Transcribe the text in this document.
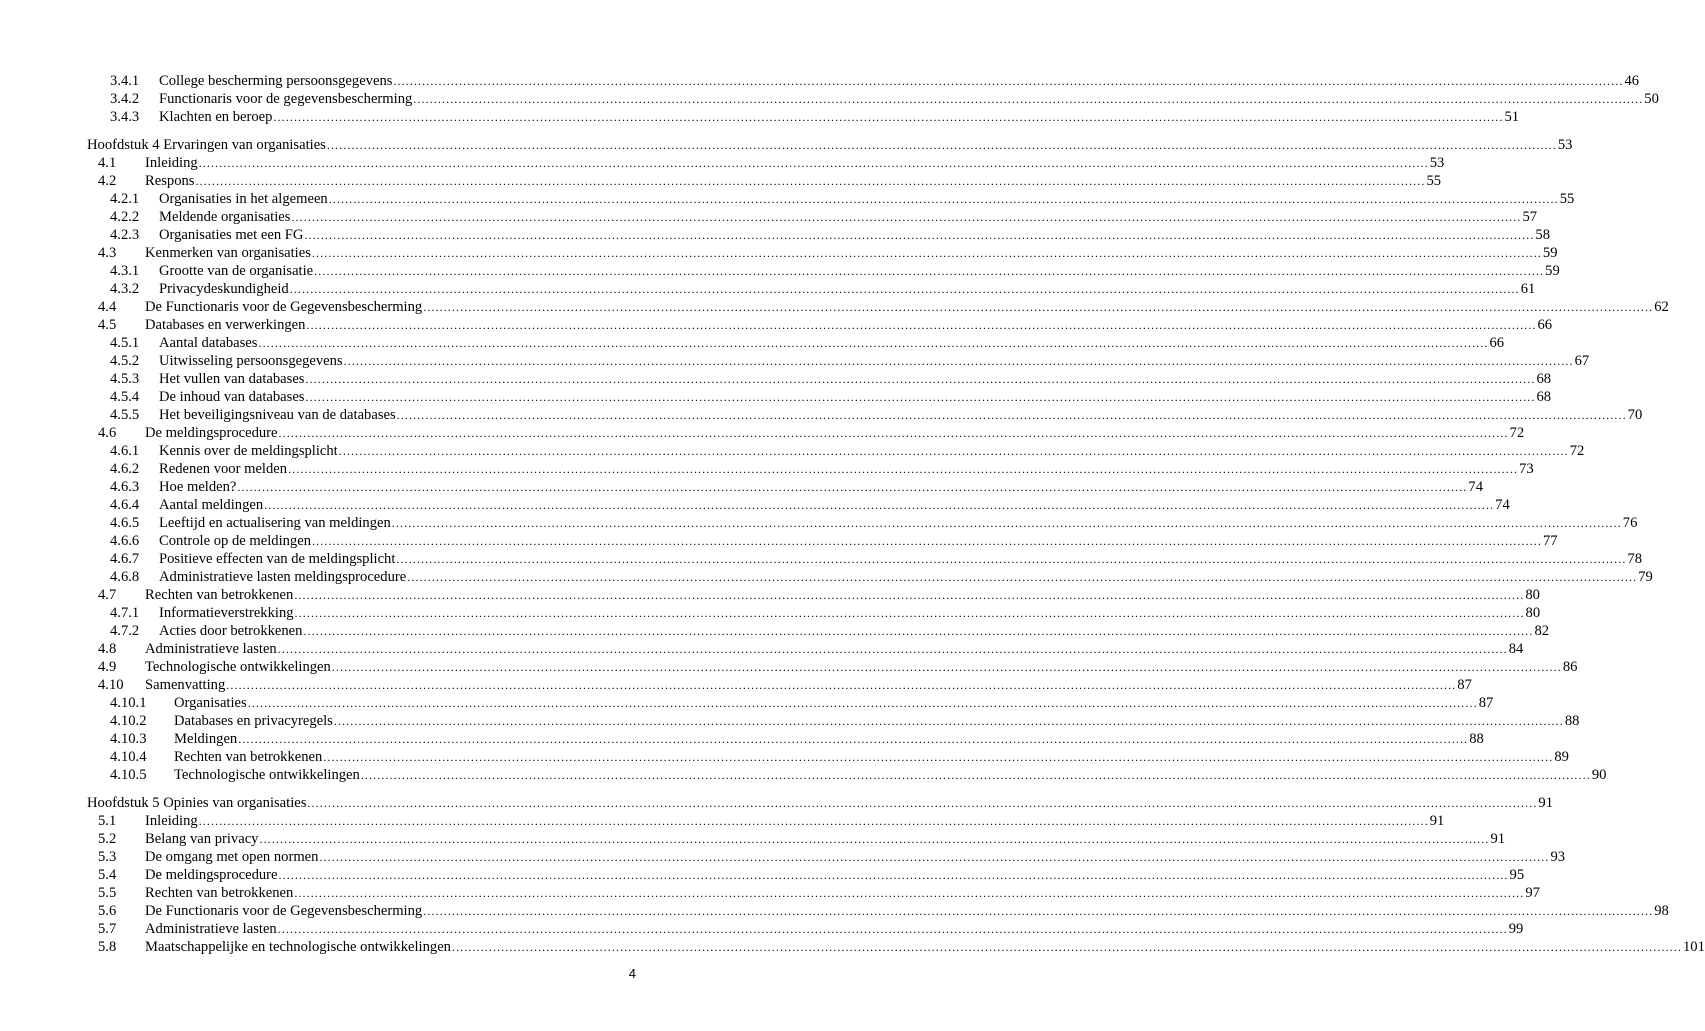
3.4.1	College bescherming persoonsgegevens ............................................................................................................................................................................................................................................................................................................ 46
3.4.2	Functionaris voor de gegevensbescherming ............................................................................................................................................................................................................................................................................................................ 50
3.4.3	Klachten en beroep ............................................................................................................................................................................................................................................................................................................ 51
Hoofdstuk 4 Ervaringen van organisaties ............................................................................................................................................................................................................................................................................................................ 53
4.1	Inleiding ............................................................................................................................................................................................................................................................................................................ 53
4.2	Respons ............................................................................................................................................................................................................................................................................................................ 55
4.2.1	Organisaties in het algemeen ............................................................................................................................................................................................................................................................................................................ 55
4.2.2	Meldende organisaties ............................................................................................................................................................................................................................................................................................................ 57
4.2.3	Organisaties met een FG ............................................................................................................................................................................................................................................................................................................ 58
4.3	Kenmerken van organisaties ............................................................................................................................................................................................................................................................................................................ 59
4.3.1	Grootte van de organisatie ............................................................................................................................................................................................................................................................................................................ 59
4.3.2	Privacydeskundigheid ............................................................................................................................................................................................................................................................................................................ 61
4.4	De Functionaris voor de Gegevensbescherming ............................................................................................................................................................................................................................................................................................................ 62
4.5	Databases en verwerkingen ............................................................................................................................................................................................................................................................................................................ 66
4.5.1	Aantal databases ............................................................................................................................................................................................................................................................................................................ 66
4.5.2	Uitwisseling persoonsgegevens ............................................................................................................................................................................................................................................................................................................ 67
4.5.3	Het vullen van databases ............................................................................................................................................................................................................................................................................................................ 68
4.5.4	De inhoud van databases ............................................................................................................................................................................................................................................................................................................ 68
4.5.5	Het beveiligingsniveau van de databases ............................................................................................................................................................................................................................................................................................................ 70
4.6	De meldingsprocedure ............................................................................................................................................................................................................................................................................................................ 72
4.6.1	Kennis over de meldingsplicht ............................................................................................................................................................................................................................................................................................................ 72
4.6.2	Redenen voor melden ............................................................................................................................................................................................................................................................................................................ 73
4.6.3	Hoe melden? ............................................................................................................................................................................................................................................................................................................ 74
4.6.4	Aantal meldingen ............................................................................................................................................................................................................................................................................................................ 74
4.6.5	Leeftijd en actualisering van meldingen ............................................................................................................................................................................................................................................................................................................ 76
4.6.6	Controle op de meldingen ............................................................................................................................................................................................................................................................................................................ 77
4.6.7	Positieve effecten van de meldingsplicht ............................................................................................................................................................................................................................................................................................................ 78
4.6.8	Administratieve lasten meldingsprocedure ............................................................................................................................................................................................................................................................................................................ 79
4.7	Rechten van betrokkenen ............................................................................................................................................................................................................................................................................................................ 80
4.7.1	Informatieverstrekking ............................................................................................................................................................................................................................................................................................................ 80
4.7.2	Acties door betrokkenen ............................................................................................................................................................................................................................................................................................................ 82
4.8	Administratieve lasten ............................................................................................................................................................................................................................................................................................................ 84
4.9	Technologische ontwikkelingen ............................................................................................................................................................................................................................................................................................................ 86
4.10	Samenvatting ............................................................................................................................................................................................................................................................................................................ 87
4.10.1	Organisaties ............................................................................................................................................................................................................................................................................................................ 87
4.10.2	Databases en privacyregels ............................................................................................................................................................................................................................................................................................................ 88
4.10.3	Meldingen ............................................................................................................................................................................................................................................................................................................ 88
4.10.4	Rechten van betrokkenen ............................................................................................................................................................................................................................................................................................................ 89
4.10.5	Technologische ontwikkelingen ............................................................................................................................................................................................................................................................................................................ 90
Hoofdstuk 5 Opinies van organisaties ............................................................................................................................................................................................................................................................................................................ 91
5.1	Inleiding ............................................................................................................................................................................................................................................................................................................ 91
5.2	Belang van privacy ............................................................................................................................................................................................................................................................................................................ 91
5.3	De omgang met open normen ............................................................................................................................................................................................................................................................................................................ 93
5.4	De meldingsprocedure ............................................................................................................................................................................................................................................................................................................ 95
5.5	Rechten van betrokkenen ............................................................................................................................................................................................................................................................................................................ 97
5.6	De Functionaris voor de Gegevensbescherming ............................................................................................................................................................................................................................................................................................................ 98
5.7	Administratieve lasten ............................................................................................................................................................................................................................................................................................................ 99
5.8	Maatschappelijke en technologische ontwikkelingen ............................................................................................................................................................................................................................................................................................................ 101
4
